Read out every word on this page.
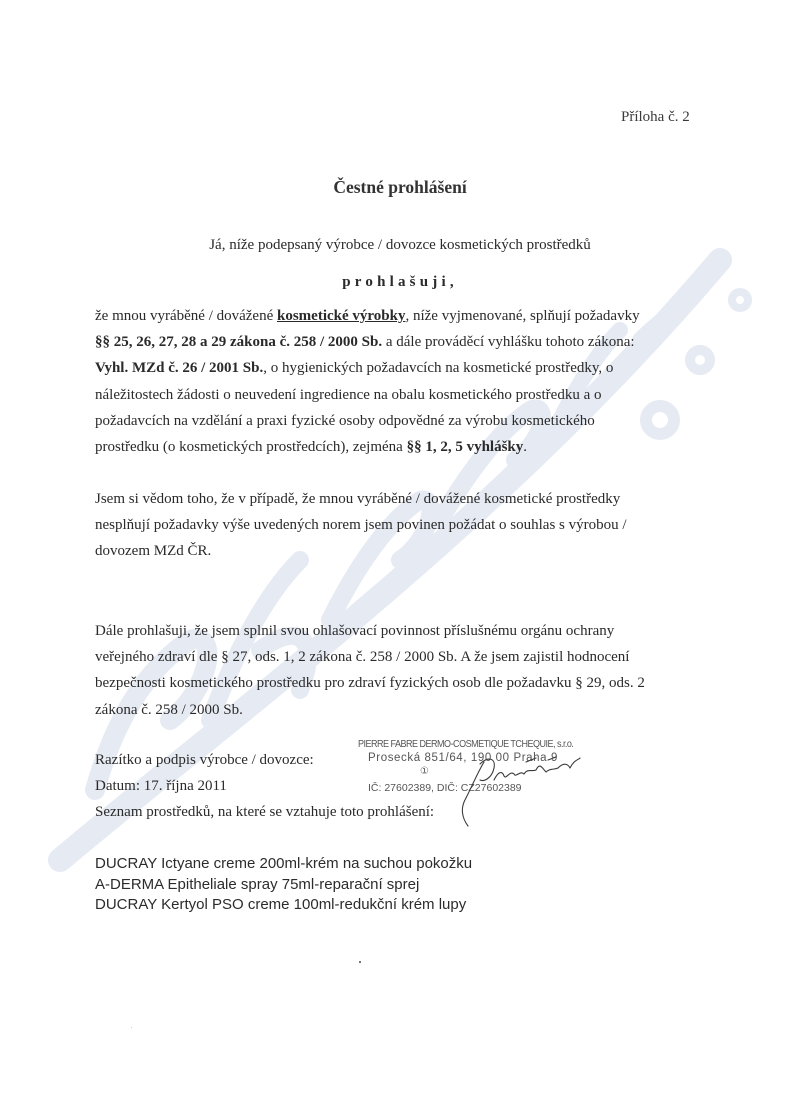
Příloha č. 2
Čestné prohlášení
Já, níže podepsaný výrobce / dovozce kosmetických prostředků
prohlašuji,
že mnou vyráběné / dovážené kosmetické výrobky, níže vyjmenované, splňují požadavky
§§ 25, 26, 27, 28 a 29 zákona č. 258 / 2000 Sb. a dále prováděcí vyhlášku tohoto zákona:
Vyhl. MZd č. 26 / 2001 Sb., o hygienických požadavcích na kosmetické prostředky, o
náležitostech žádosti o neuvedení ingredience na obalu kosmetického prostředku a o
požadavcích na vzdělání a praxi fyzické osoby odpovědné za výrobu kosmetického
prostředku (o kosmetických prostředcích), zejména §§ 1, 2, 5 vyhlášky.
Jsem si vědom toho, že v případě, že mnou vyráběné / dovážené kosmetické prostředky
nesplňují požadavky výše uvedených norem jsem povinen požádat o souhlas s výrobou /
dovozem MZd ČR.
Dále prohlašuji, že jsem splnil svou ohlašovací povinnost příslušnému orgánu ochrany
veřejného zdraví dle § 27, ods. 1, 2 zákona č. 258 / 2000 Sb. A že jsem zajistil hodnocení
bezpečnosti kosmetického prostředku pro zdraví fyzických osob dle požadavku § 29, ods. 2
zákona č. 258 / 2000 Sb.
Razítko a podpis výrobce / dovozce:
Datum: 17. října 2011
Seznam prostředků, na které se vztahuje toto prohlášení:
PIERRE FABRE DERMO-COSMETIQUE TCHEQUIE, s.r.o.
Prosecká 851/64, 190 00 Praha 9
①
IČ: 27602389, DIČ: CZ27602389
DUCRAY Ictyane creme 200ml-krém na suchou pokožku
A-DERMA Epitheliale spray 75ml-reparační sprej
DUCRAY Kertyol PSO creme 100ml-redukční krém lupy
